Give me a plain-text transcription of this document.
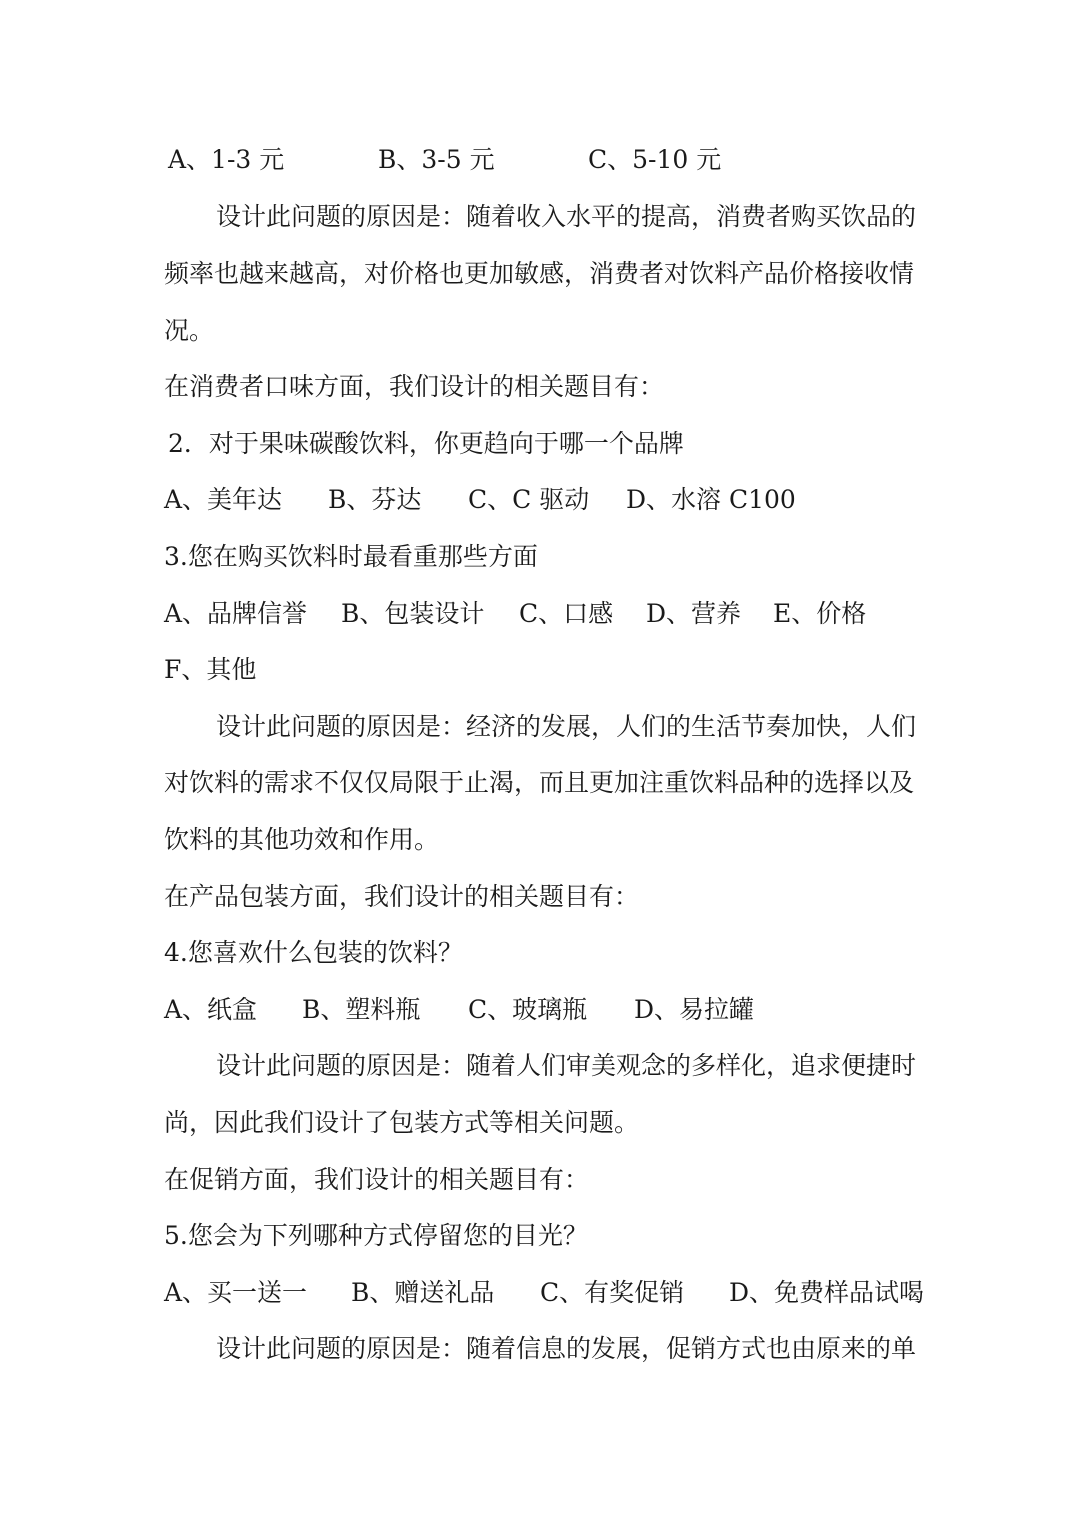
A、1-3 元	B、3-5 元	C、5-10 元
设计此问题的原因是：随着收入水平的提高，消费者购买饮品的
频率也越来越高，对价格也更加敏感，消费者对饮料产品价格接收情
况。
在消费者口味方面，我们设计的相关题目有：
2．对于果味碳酸饮料，你更趋向于哪一个品牌
A、美年达 B、芬达 C、C 驱动 D、水溶 C100
3.您在购买饮料时最看重那些方面
A、品牌信誉 B、包装设计 C、口感 D、营养 E、价格
F、其他
设计此问题的原因是：经济的发展，人们的生活节奏加快，人们
对饮料的需求不仅仅局限于止渴，而且更加注重饮料品种的选择以及
饮料的其他功效和作用。
在产品包装方面，我们设计的相关题目有：
4.您喜欢什么包装的饮料？
A、纸盒 B、塑料瓶 C、玻璃瓶 D、易拉罐
设计此问题的原因是：随着人们审美观念的多样化，追求便捷时
尚，因此我们设计了包装方式等相关问题。
在促销方面，我们设计的相关题目有：
5.您会为下列哪种方式停留您的目光？
A、买一送一 B、赠送礼品 C、有奖促销 D、免费样品试喝
设计此问题的原因是：随着信息的发展，促销方式也由原来的单
